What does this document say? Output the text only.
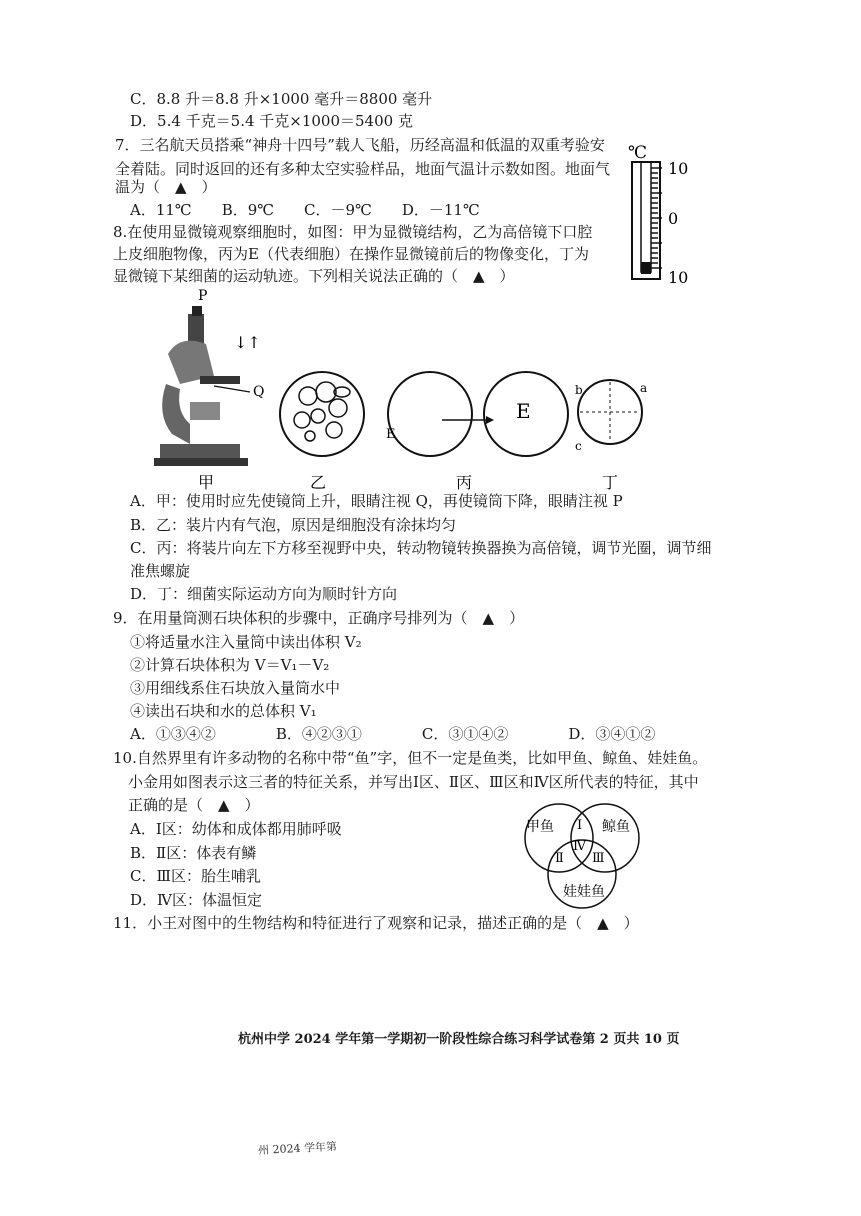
C．8.8 升＝8.8 升×1000 毫升＝8800 毫升
D．5.4 千克＝5.4 千克×1000＝5400 克
7．三名航天员搭乘“神舟十四号”载人飞船，历经高温和低温的双重考验安
全着陆。同时返回的还有多种太空实验样品，地面气温计示数如图。地面气
温为（　▲　）
A．11℃　　B．9℃　　C．－9℃　　D．－11℃
8.在使用显微镜观察细胞时，如图：甲为显微镜结构，乙为高倍镜下口腔
上皮细胞物像，丙为E（代表细胞）在操作显微镜前后的物像变化，丁为
显微镜下某细菌的运动轨迹。下列相关说法正确的（　▲　）
℃
10
0
10
P
↓↑
Q
E
E
b	a
c
甲	乙	丙	丁
A．甲：使用时应先使镜筒上升，眼睛注视 Q，再使镜筒下降，眼睛注视 P
B．乙：装片内有气泡，原因是细胞没有涂抹均匀
C．丙：将装片向左下方移至视野中央，转动物镜转换器换为高倍镜，调节光圈，调节细
准焦螺旋
D．丁：细菌实际运动方向为顺时针方向
9．在用量筒测石块体积的步骤中，正确序号排列为（　▲　）
①将适量水注入量筒中读出体积 V₂
②计算石块体积为 V＝V₁－V₂
③用细线系住石块放入量筒水中
④读出石块和水的总体积 V₁
A．①③④②　　　　B．④②③①　　　　C．③①④②　　　　D．③④①②
10.自然界里有许多动物的名称中带“鱼”字，但不一定是鱼类，比如甲鱼、鲸鱼、娃娃鱼。
小金用如图表示这三者的特征关系，并写出Ⅰ区、Ⅱ区、Ⅲ区和Ⅳ区所代表的特征，其中
正确的是（　▲　）
A．Ⅰ区：幼体和成体都用肺呼吸
B．Ⅱ区：体表有鳞
C．Ⅲ区：胎生哺乳
D．Ⅳ区：体温恒定
甲鱼	鲸鱼
娃娃鱼
Ⅰ
Ⅱ Ⅲ
Ⅳ
11．小王对图中的生物结构和特征进行了观察和记录，描述正确的是（　▲　）
杭州中学 2024 学年第一学期初一阶段性综合练习科学试卷第 2 页共 10 页
州 2024 学年第
